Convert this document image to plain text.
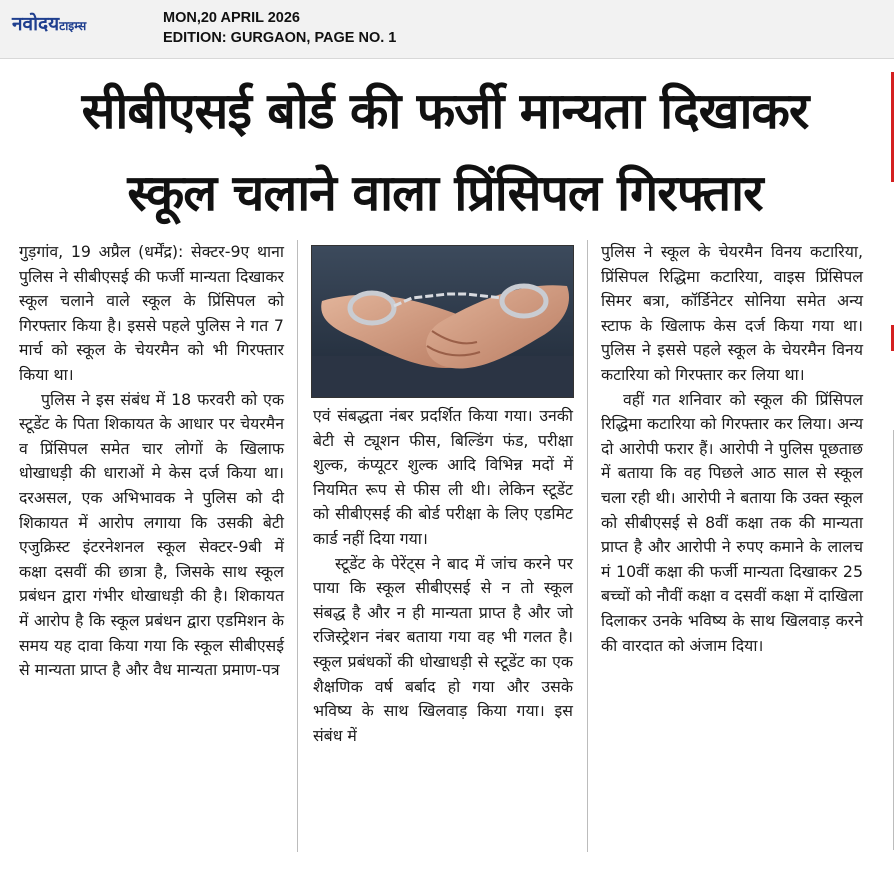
नवोदयटाइम्स	MON,20 APRIL 2026
EDITION: GURGAON, PAGE NO. 1
सीबीएसई बोर्ड की फर्जी मान्यता दिखाकर
स्कूल चलाने वाला प्रिंसिपल गिरफ्तार

गुड़गांव, 19 अप्रैल (धर्मेंद्र): सेक्टर-9ए थाना पुलिस ने सीबीएसई की फर्जी मान्यता दिखाकर स्कूल चलाने वाले स्कूल के प्रिंसिपल को गिरफ्तार किया है। इससे पहले पुलिस ने गत 7 मार्च को स्कूल के चेयरमैन को भी गिरफ्तार किया था।

पुलिस ने इस संबंध में 18 फरवरी को एक स्टूडेंट के पिता शिकायत के आधार पर चेयरमैन व प्रिंसिपल समेत चार लोगों के खिलाफ धोखाधड़ी की धाराओं मे केस दर्ज किया था। दरअसल, एक अभिभावक ने पुलिस को दी शिकायत में आरोप लगाया कि उसकी बेटी एजुक्रिस्ट इंटरनेशनल स्कूल सेक्टर-9बी में कक्षा दसवीं की छात्रा है, जिसके साथ स्कूल प्रबंधन द्वारा गंभीर धोखाधड़ी की है। शिकायत में आरोप है कि स्कूल प्रबंधन द्वारा एडमिशन के समय यह दावा किया गया कि स्कूल सीबीएसई से मान्यता प्राप्त है और वैध मान्यता प्रमाण-पत्र

एवं संबद्धता नंबर प्रदर्शित किया गया। उनकी बेटी से ट्यूशन फीस, बिल्डिंग फंड, परीक्षा शुल्क, कंप्यूटर शुल्क आदि विभिन्न मदों में नियमित रूप से फीस ली थी। लेकिन स्टूडेंट को सीबीएसई की बोर्ड परीक्षा के लिए एडमिट कार्ड नहीं दिया गया।

स्टूडेंट के पेरेंट्स ने बाद में जांच करने पर पाया कि स्कूल सीबीएसई से न तो स्कूल संबद्ध है और न ही मान्यता प्राप्त है और जो रजिस्ट्रेशन नंबर बताया गया वह भी गलत है। स्कूल प्रबंधकों की धोखाधड़ी से स्टूडेंट का एक शैक्षणिक वर्ष बर्बाद हो गया और उसके भविष्य के साथ खिलवाड़ किया गया। इस संबंध में

पुलिस ने स्कूल के चेयरमैन विनय कटारिया, प्रिंसिपल रिद्धिमा कटारिया, वाइस प्रिंसिपल सिमर बत्रा, कॉर्डिनेटर सोनिया समेत अन्य स्टाफ के खिलाफ केस दर्ज किया गया था। पुलिस ने इससे पहले स्कूल के चेयरमैन विनय कटारिया को गिरफ्तार कर लिया था।

वहीं गत शनिवार को स्कूल की प्रिंसिपल रिद्धिमा कटारिया को गिरफ्तार कर लिया। अन्य दो आरोपी फरार हैं। आरोपी ने पुलिस पूछताछ में बताया कि वह पिछले आठ साल से स्कूल चला रही थी। आरोपी ने बताया कि उक्त स्कूल को सीबीएसई से 8वीं कक्षा तक की मान्यता प्राप्त है और आरोपी ने रुपए कमाने के लालच मं 10वीं कक्षा की फर्जी मान्यता दिखाकर 25 बच्चों को नौवीं कक्षा व दसवीं कक्षा में दाखिला दिलाकर उनके भविष्य के साथ खिलवाड़ करने की वारदात को अंजाम दिया।
